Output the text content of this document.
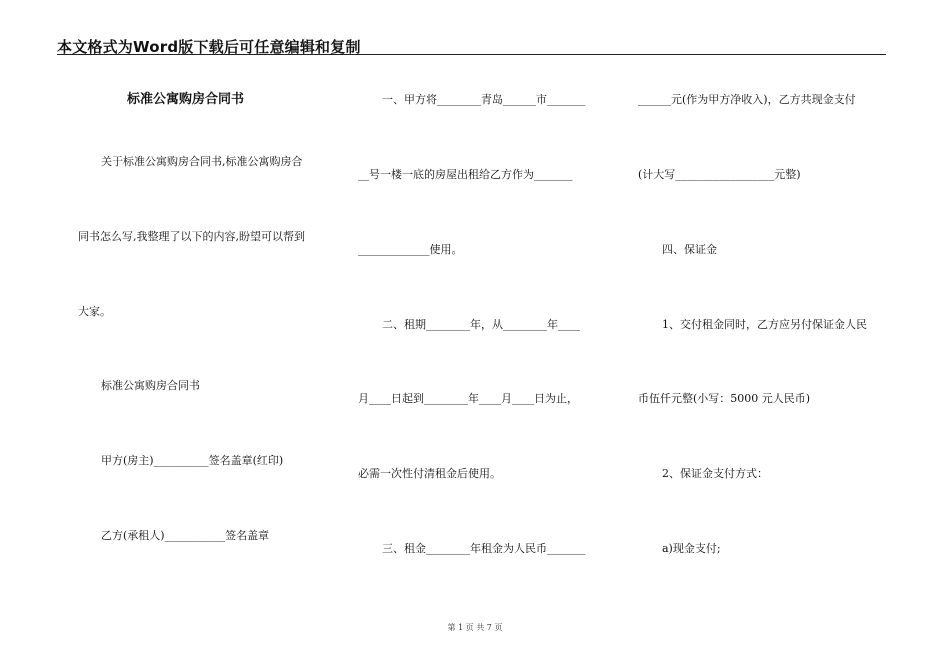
本文格式为Word版下载后可任意编辑和复制
标准公寓购房合同书
关于标准公寓购房合同书,标准公寓购房合
同书怎么写,我整理了以下的内容,盼望可以帮到
大家。
标准公寓购房合同书
甲方(房主)__________签名盖章(红印)
乙方(承租人)___________签名盖章
一、甲方将________青岛______市_______
__号一楼一底的房屋出租给乙方作为_______
_____________使用。
二、租期________年，从________年____
月____日起到________年____月____日为止，
必需一次性付清租金后使用。
三、租金________年租金为人民币_______
______元(作为甲方净收入)，乙方共现金支付
(计大写__________________元整)
四、保证金
1、交付租金同时，乙方应另付保证金人民
币伍仟元整(小写：5000 元人民币)
2、保证金支付方式：
a)现金支付;
第 1 页 共 7 页
